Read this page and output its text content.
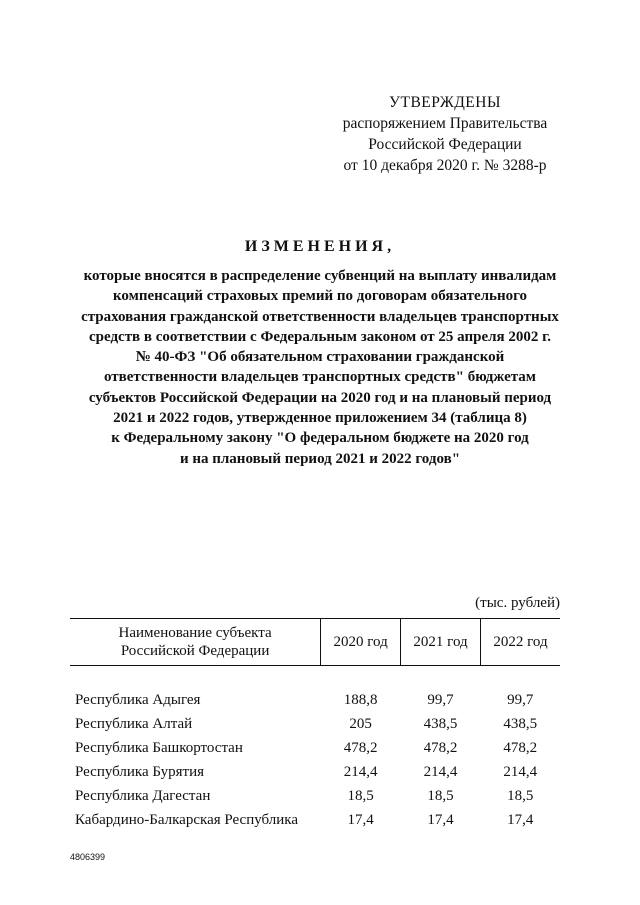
УТВЕРЖДЕНЫ
распоряжением Правительства
Российской Федерации
от 10 декабря 2020 г. № 3288-р
ИЗМЕНЕНИЯ,
которые вносятся в распределение субвенций на выплату инвалидам
компенсаций страховых премий по договорам обязательного
страхования гражданской ответственности владельцев транспортных
средств в соответствии с Федеральным законом от 25 апреля 2002 г.
№ 40-ФЗ "Об обязательном страховании гражданской
ответственности владельцев транспортных средств" бюджетам
субъектов Российской Федерации на 2020 год и на плановый период
2021 и 2022 годов, утвержденное приложением 34 (таблица 8)
к Федеральному закону "О федеральном бюджете на 2020 год
и на плановый период 2021 и 2022 годов"
(тыс. рублей)
Наименование субъекта
Российской Федерации	2020 год	2021 год	2022 год

Республика Адыгея	188,8	99,7	99,7
Республика Алтай	205	438,5	438,5
Республика Башкортостан	478,2	478,2	478,2
Республика Бурятия	214,4	214,4	214,4
Республика Дагестан	18,5	18,5	18,5
Кабардино-Балкарская Республика	17,4	17,4	17,4
4806399
